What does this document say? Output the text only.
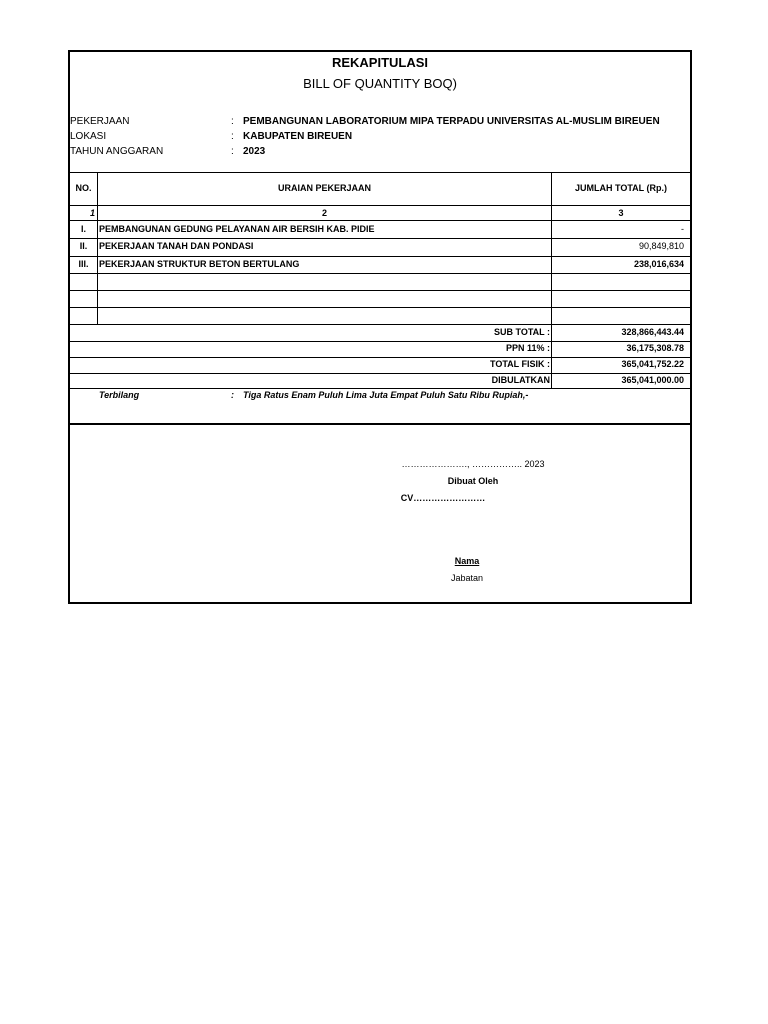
REKAPITULASI
BILL OF QUANTITY BOQ)
PEKERJAAN	: PEMBANGUNAN LABORATORIUM MIPA TERPADU UNIVERSITAS AL-MUSLIM BIREUEN
LOKASI	: KABUPATEN BIREUEN
TAHUN ANGGARAN	: 2023
NO.	URAIAN PEKERJAAN	JUMLAH TOTAL (Rp.)
1	2	3
I.	PEMBANGUNAN GEDUNG PELAYANAN AIR BERSIH KAB. PIDIE	-
II.	PEKERJAAN TANAH DAN PONDASI	90,849,810
III.	PEKERJAAN STRUKTUR BETON BERTULANG	238,016,634
SUB TOTAL :	328,866,443.44
PPN 11% :	36,175,308.78
TOTAL FISIK :	365,041,752.22
DIBULATKAN	365,041,000.00
Terbilang	: Tiga Ratus Enam Puluh Lima Juta Empat Puluh Satu Ribu Rupiah,-
…………………., …………….. 2023
Dibuat Oleh
CV……………………
Nama
Jabatan
